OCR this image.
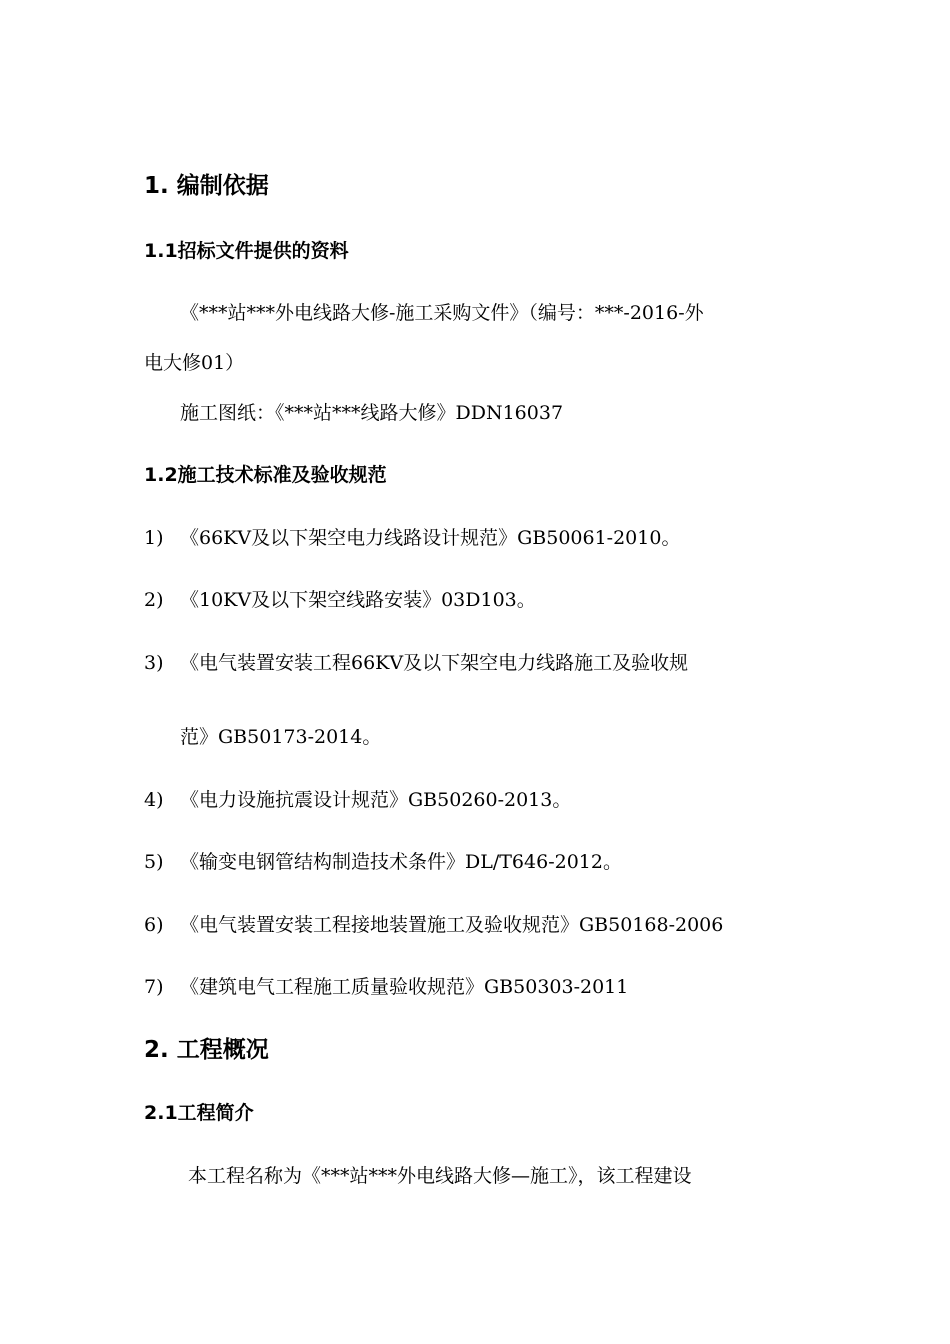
1. 编制依据
1.1招标文件提供的资料
《***站***外电线路大修-施工采购文件》（编号：***-2016-外
电大修01）
施工图纸：《***站***线路大修》DDN16037
1.2施工技术标准及验收规范
1) 《66KV及以下架空电力线路设计规范》GB50061-2010。
2) 《10KV及以下架空线路安装》03D103。
3) 《电气装置安装工程66KV及以下架空电力线路施工及验收规
范》GB50173-2014。
4) 《电力设施抗震设计规范》GB50260-2013。
5) 《输变电钢管结构制造技术条件》DL/T646-2012。
6) 《电气装置安装工程接地装置施工及验收规范》GB50168-2006
7) 《建筑电气工程施工质量验收规范》GB50303-2011
2. 工程概况
2.1工程简介
本工程名称为《***站***外电线路大修—施工》，该工程建设
